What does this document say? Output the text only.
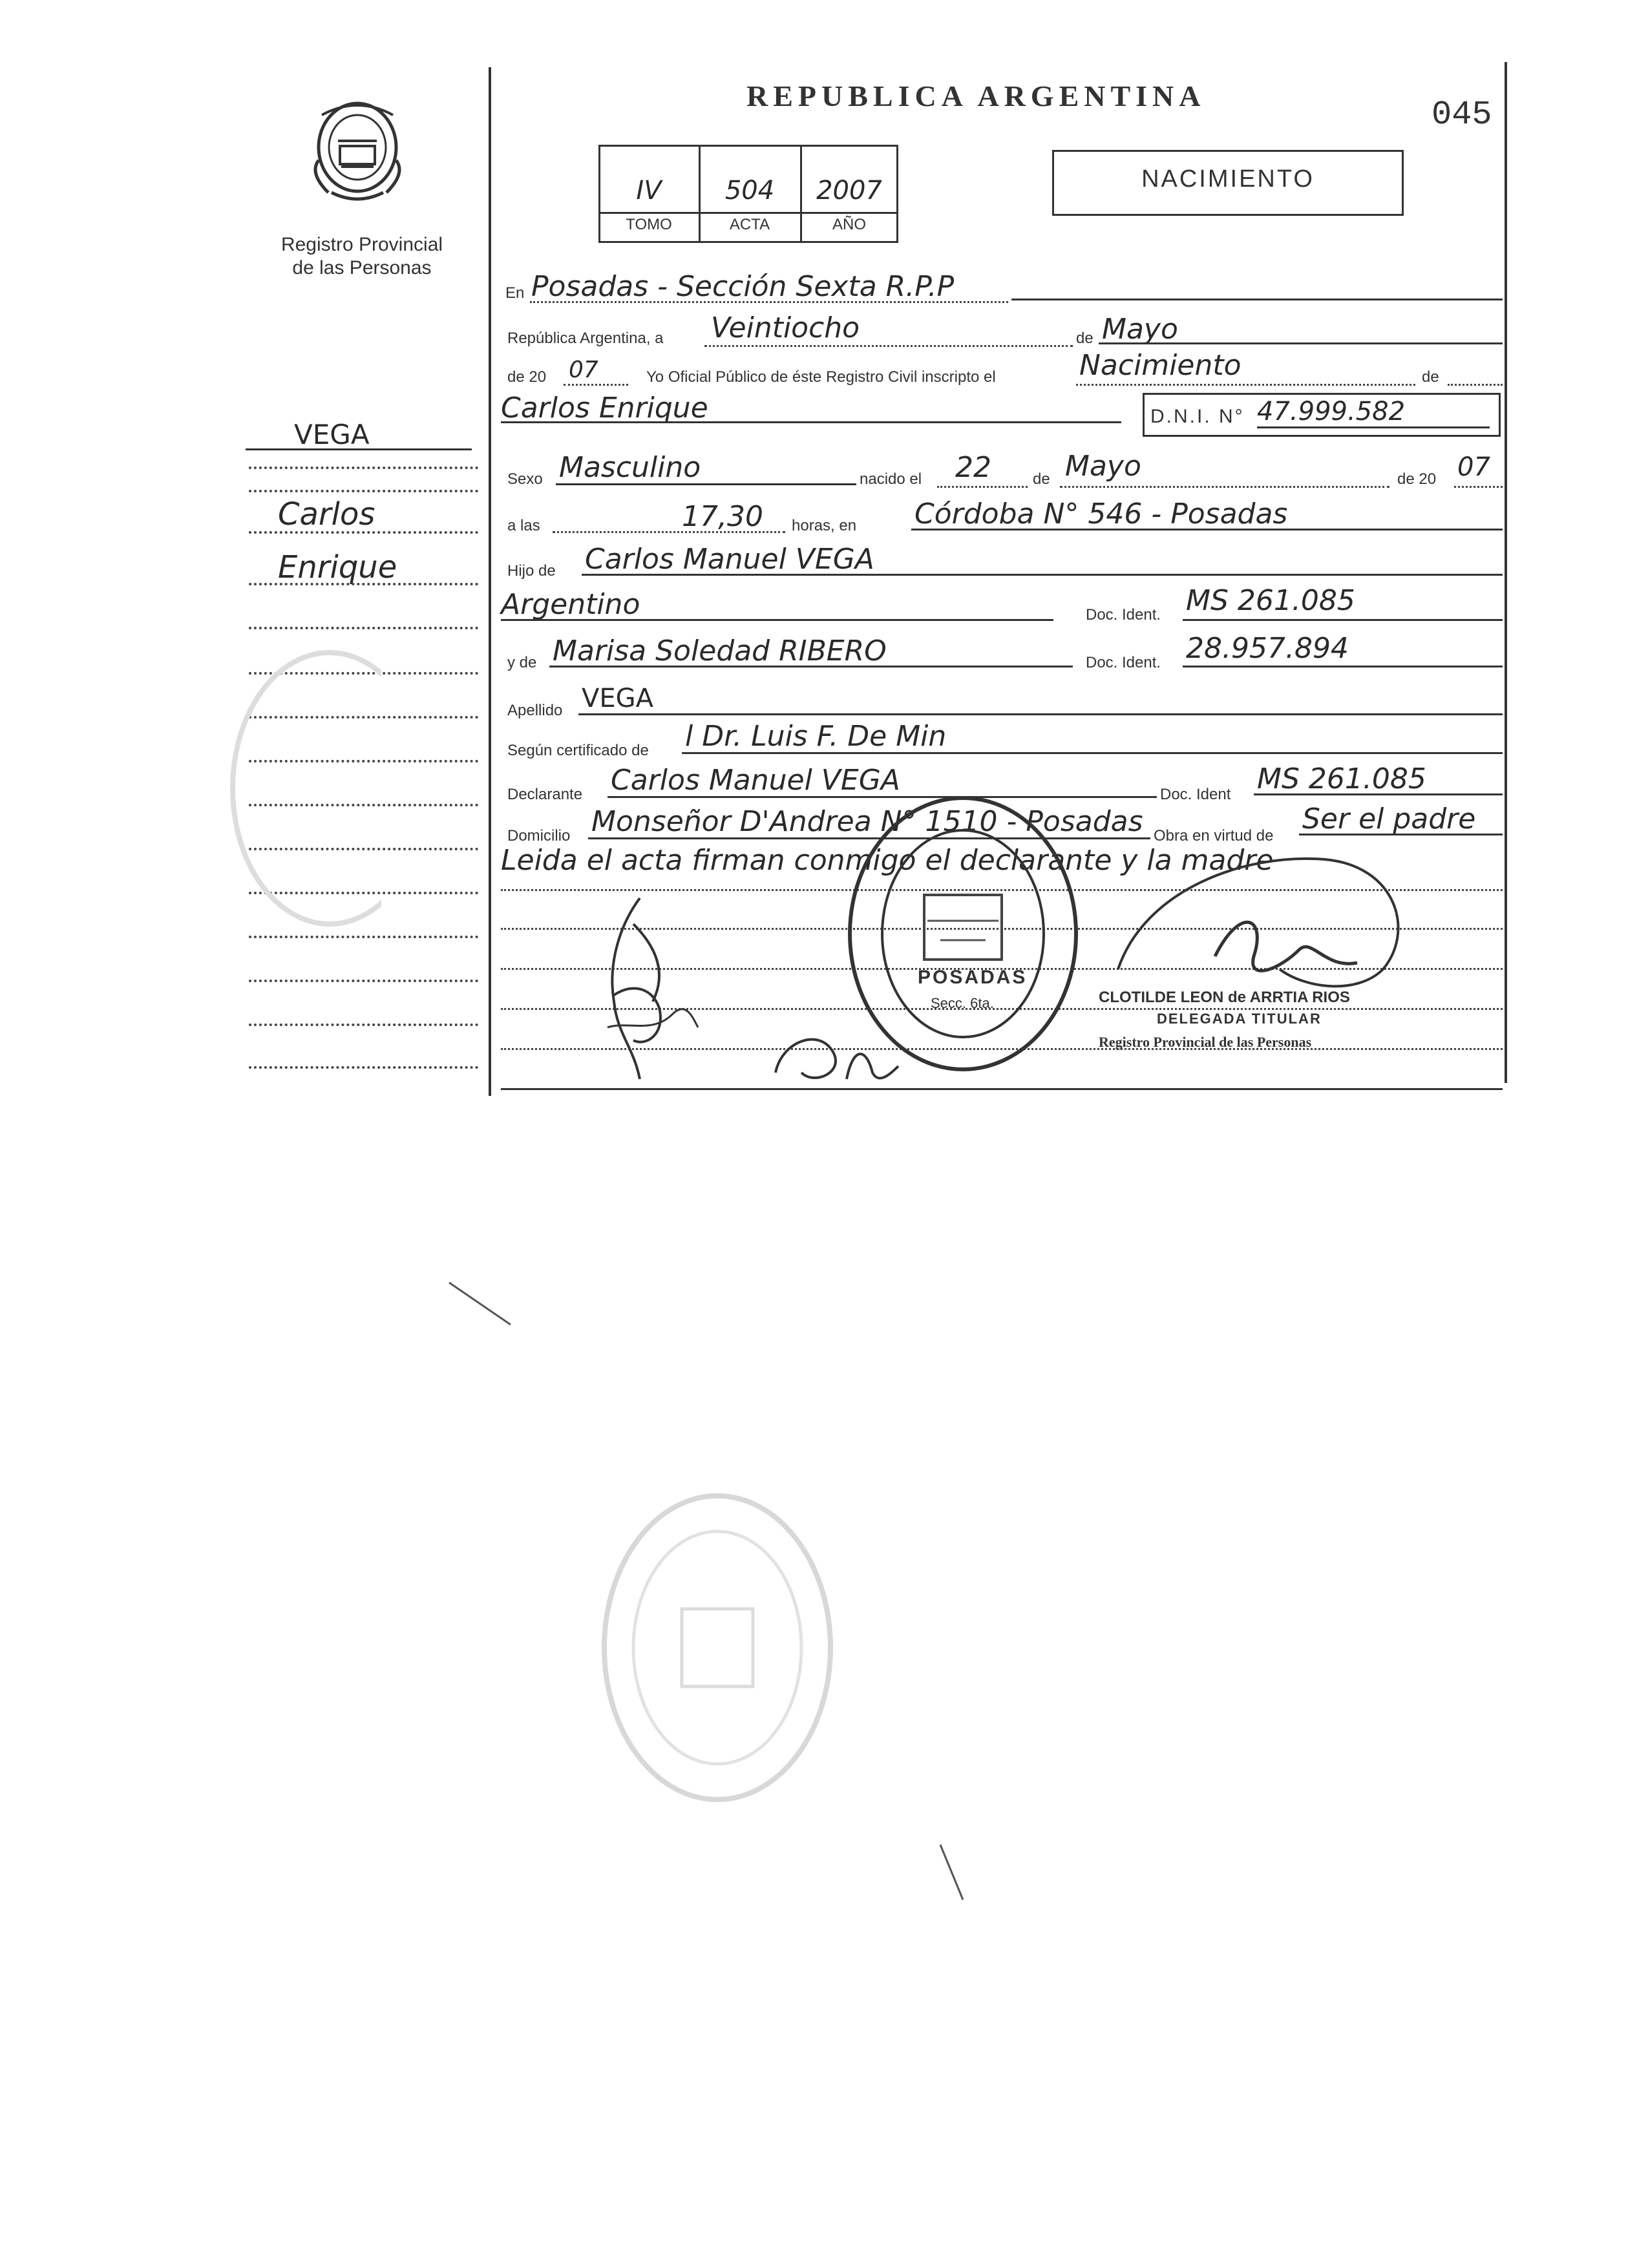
Registro Provincial
de las Personas
REPUBLICA ARGENTINA	045
IV	504	2007
TOMO	ACTA	AÑO
NACIMIENTO
VEGA
Carlos
Enrique
En Posadas - Sección Sexta R.P.P
República Argentina, a Veintiocho	de Mayo
de 20 07	Yo Oficial Público de éste Registro Civil inscripto el	Nacimiento	de
Carlos Enrique	D.N.I. N° 47.999.582
Sexo Masculino	nacido el 22	de Mayo	de 20 07
a las	17,30 horas, en Córdoba N° 546 - Posadas
Hijo de Carlos Manuel VEGA
Argentino	Doc. Ident. MS 261.085
y de Marisa Soledad RIBERO	Doc. Ident. 28.957.894
Apellido VEGA
Según certificado de l Dr. Luis F. De Min
Declarante Carlos Manuel VEGA	Doc. Ident MS 261.085
Domicilio Monseñor D'Andrea N° 1510 - Posadas Obra en virtud de
Ser el padre
Leida el acta firman conmigo el declarante y la madre
POSADAS
Secc. 6ta.	CLOTILDE LEON de ARRTIA RIOS
DELEGADA TITULAR
Registro Provincial de las Personas
